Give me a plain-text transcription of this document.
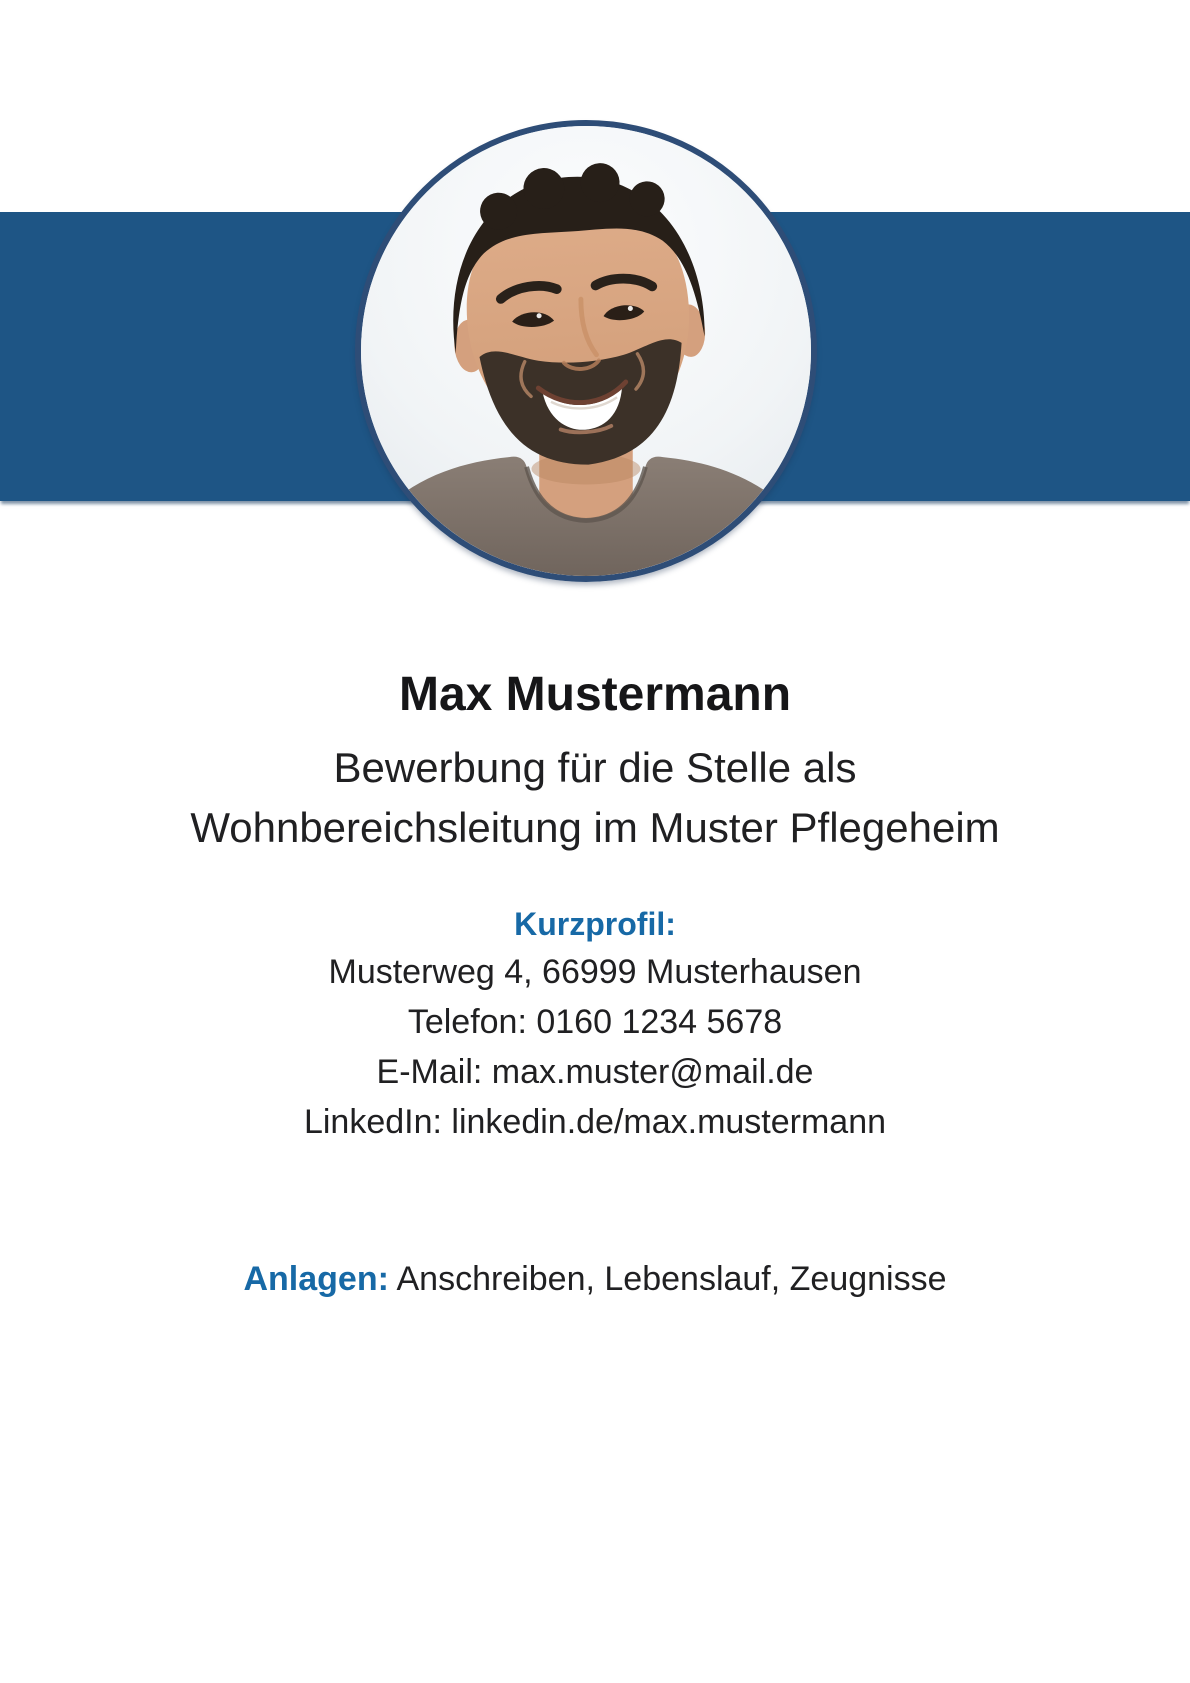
Max Mustermann
Bewerbung für die Stelle als
Wohnbereichsleitung im Muster Pflegeheim
Kurzprofil:

Musterweg 4, 66999 Musterhausen

Telefon: 0160 1234 5678

E-Mail: max.muster@mail.de

LinkedIn: linkedin.de/max.mustermann

Anlagen: Anschreiben, Lebenslauf, Zeugnisse
